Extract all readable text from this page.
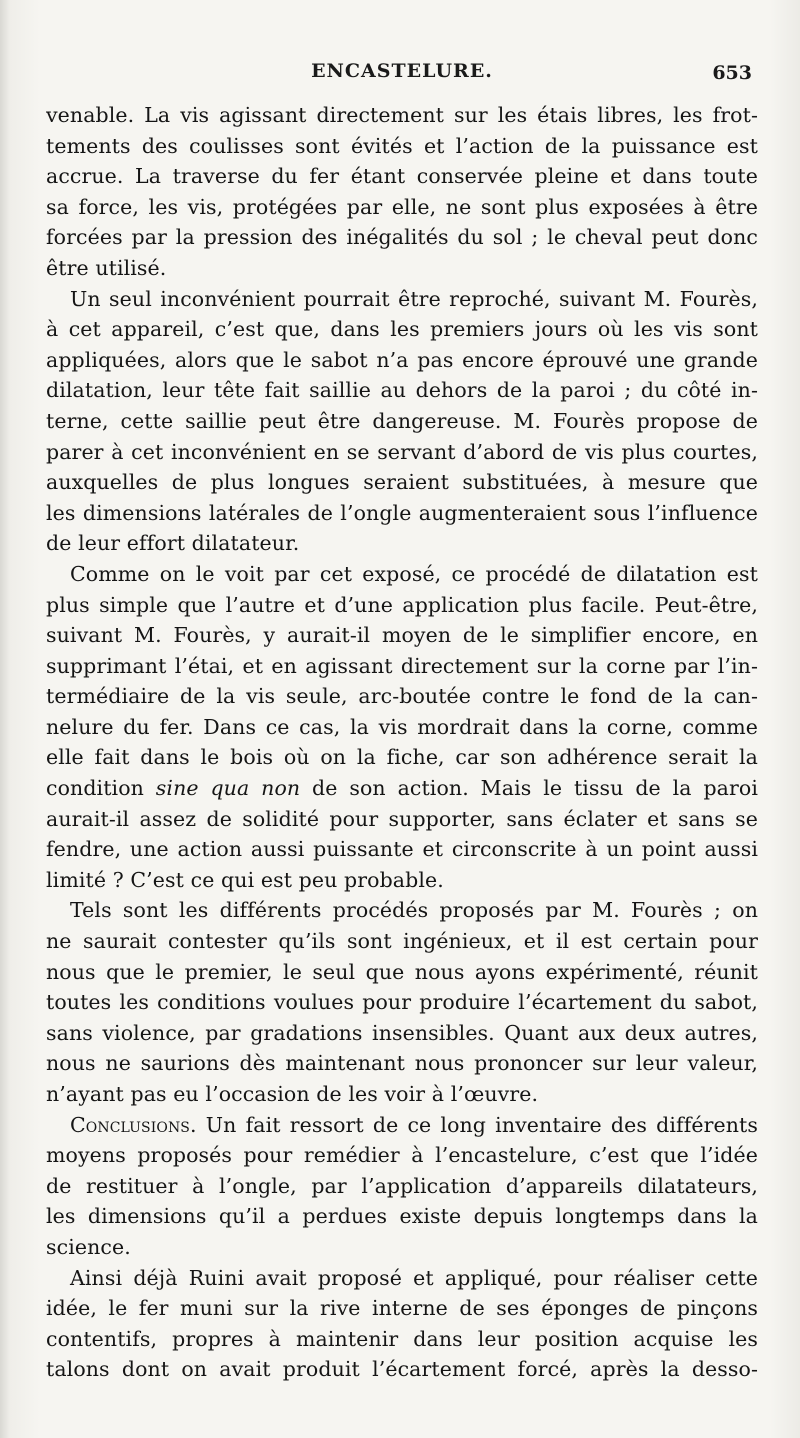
ENCASTELURE.	653

venable. La vis agissant directement sur les étais libres, les frot-
tements des coulisses sont évités et l’action de la puissance est
accrue. La traverse du fer étant conservée pleine et dans toute
sa force, les vis, protégées par elle, ne sont plus exposées à être
forcées par la pression des inégalités du sol ; le cheval peut donc
être utilisé.

Un seul inconvénient pourrait être reproché, suivant M. Fourès,
à cet appareil, c’est que, dans les premiers jours où les vis sont
appliquées, alors que le sabot n’a pas encore éprouvé une grande
dilatation, leur tête fait saillie au dehors de la paroi ; du côté in-
terne, cette saillie peut être dangereuse. M. Fourès propose de
parer à cet inconvénient en se servant d’abord de vis plus courtes,
auxquelles de plus longues seraient substituées, à mesure que
les dimensions latérales de l’ongle augmenteraient sous l’influence
de leur effort dilatateur.

Comme on le voit par cet exposé, ce procédé de dilatation est
plus simple que l’autre et d’une application plus facile. Peut-être,
suivant M. Fourès, y aurait-il moyen de le simplifier encore, en
supprimant l’étai, et en agissant directement sur la corne par l’in-
termédiaire de la vis seule, arc-boutée contre le fond de la can-
nelure du fer. Dans ce cas, la vis mordrait dans la corne, comme
elle fait dans le bois où on la fiche, car son adhérence serait la
condition sine qua non de son action. Mais le tissu de la paroi
aurait-il assez de solidité pour supporter, sans éclater et sans se
fendre, une action aussi puissante et circonscrite à un point aussi
limité ? C’est ce qui est peu probable.

Tels sont les différents procédés proposés par M. Fourès ; on
ne saurait contester qu’ils sont ingénieux, et il est certain pour
nous que le premier, le seul que nous ayons expérimenté, réunit
toutes les conditions voulues pour produire l’écartement du sabot,
sans violence, par gradations insensibles. Quant aux deux autres,
nous ne saurions dès maintenant nous prononcer sur leur valeur,
n’ayant pas eu l’occasion de les voir à l’œuvre.

Conclusions. Un fait ressort de ce long inventaire des différents
moyens proposés pour remédier à l’encastelure, c’est que l’idée
de restituer à l’ongle, par l’application d’appareils dilatateurs,
les dimensions qu’il a perdues existe depuis longtemps dans la
science.

Ainsi déjà Ruini avait proposé et appliqué, pour réaliser cette
idée, le fer muni sur la rive interne de ses éponges de pinçons
contentifs, propres à maintenir dans leur position acquise les
talons dont on avait produit l’écartement forcé, après la desso-
